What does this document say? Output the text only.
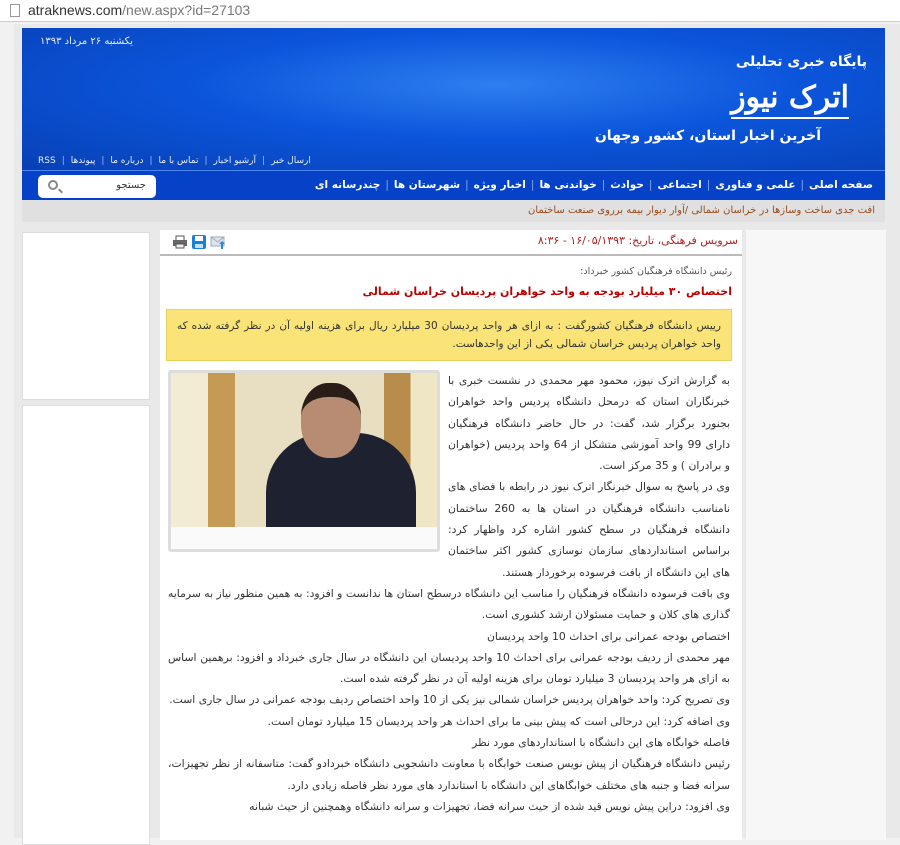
atraknews.com/new.aspx?id=27103
یکشنبه ۲۶ مرداد ۱۳۹۳
پایگاه خبری تحلیلی
اترک نیوز
آخرین اخبار استان، کشور وجهان
ارسال خبر
|
آرشیو اخبار
|
تماس با ما
|
درباره ما
|
پیوندها
|
RSS
صفحه اصلی
|
علمی و فناوری
|
اجتماعی
|
حوادث
|
خواندنی ها
|
اخبار ویژه
|
شهرستان ها
|
چندرسانه ای
جستجو
افت جدی ساخت وسازها در خراسان شمالی /آوار دیوار بیمه برروی صنعت ساختمان
سرویس فرهنگی، تاریخ: ۱۶/۰۵/۱۳۹۳ - ۸:۳۶
رئیس دانشگاه فرهنگیان کشور خبرداد:
اختصاص ۳۰ میلیارد بودجه به واحد خواهران پردیسان خراسان شمالی
رییس دانشگاه فرهنگیان کشورگفت : به ازای هر واحد پردیسان 30 میلیارد ریال برای هزینه اولیه آن در نظر گرفته شده که واحد خواهران پردیس خراسان شمالی یکی از این واحدهاست.

به گزارش اترک نیوز، محمود مهر محمدی در نشست خبری با خبرنگاران استان که درمحل دانشگاه پردیس واحد خواهران بجنورد برگزار شد، گفت: در حال حاضر دانشگاه فرهنگیان دارای 99 واحد آموزشی متشکل از 64 واحد پردیس (خواهران و برادران ) و 35 مرکز است.

وی در پاسخ به سوال خبرنگار اترک نیوز در رابطه با فضای های نامناسب دانشگاه فرهنگیان در استان ها به 260 ساختمان دانشگاه فرهنگیان در سطح کشور اشاره کرد واظهار کرد: براساس استانداردهای سازمان نوسازی کشور اکثر ساختمان های این دانشگاه از بافت فرسوده برخوردار هستند.

وی بافت فرسوده دانشگاه فرهنگیان را مناسب این دانشگاه درسطح استان ها ندانست و افزود: به همین منظور نیاز به سرمایه گذاری های کلان و حمایت مسئولان ارشد کشوری است.

اختصاص بودجه عمرانی برای احداث 10 واحد پردیسان

مهر محمدی از ردیف بودجه عمرانی برای احداث 10 واحد پردیسان این دانشگاه در سال جاری خبرداد و افزود: برهمین اساس به ازای هر واحد پردیسان 3 میلیارد تومان برای هزینه اولیه آن در نظر گرفته شده است.

وی تصریح کرد: واحد خواهران پردیس خراسان شمالی نیز یکی از 10 واحد اختصاص ردیف بودجه عمرانی در سال جاری است.

وی اضافه کرد: این درحالی است که پیش بینی ما برای احداث هر واحد پردیسان 15 میلیارد تومان است.

فاصله خوابگاه های این دانشگاه با استانداردهای مورد نظر

رئیس دانشگاه فرهنگیان از پیش نویس صنعت خوابگاه با معاونت دانشجویی دانشگاه خبردادو گفت: متاسفانه از نظر تجهیزات، سرانه فضا و جنبه های مختلف خوابگاهای این دانشگاه با استاندارد های مورد نظر فاصله زیادی دارد.

وی افزود: دراین پیش نویس قید شده از حیث سرانه فضا، تجهیزات و سرانه دانشگاه وهمچنین از حیث شبانه
